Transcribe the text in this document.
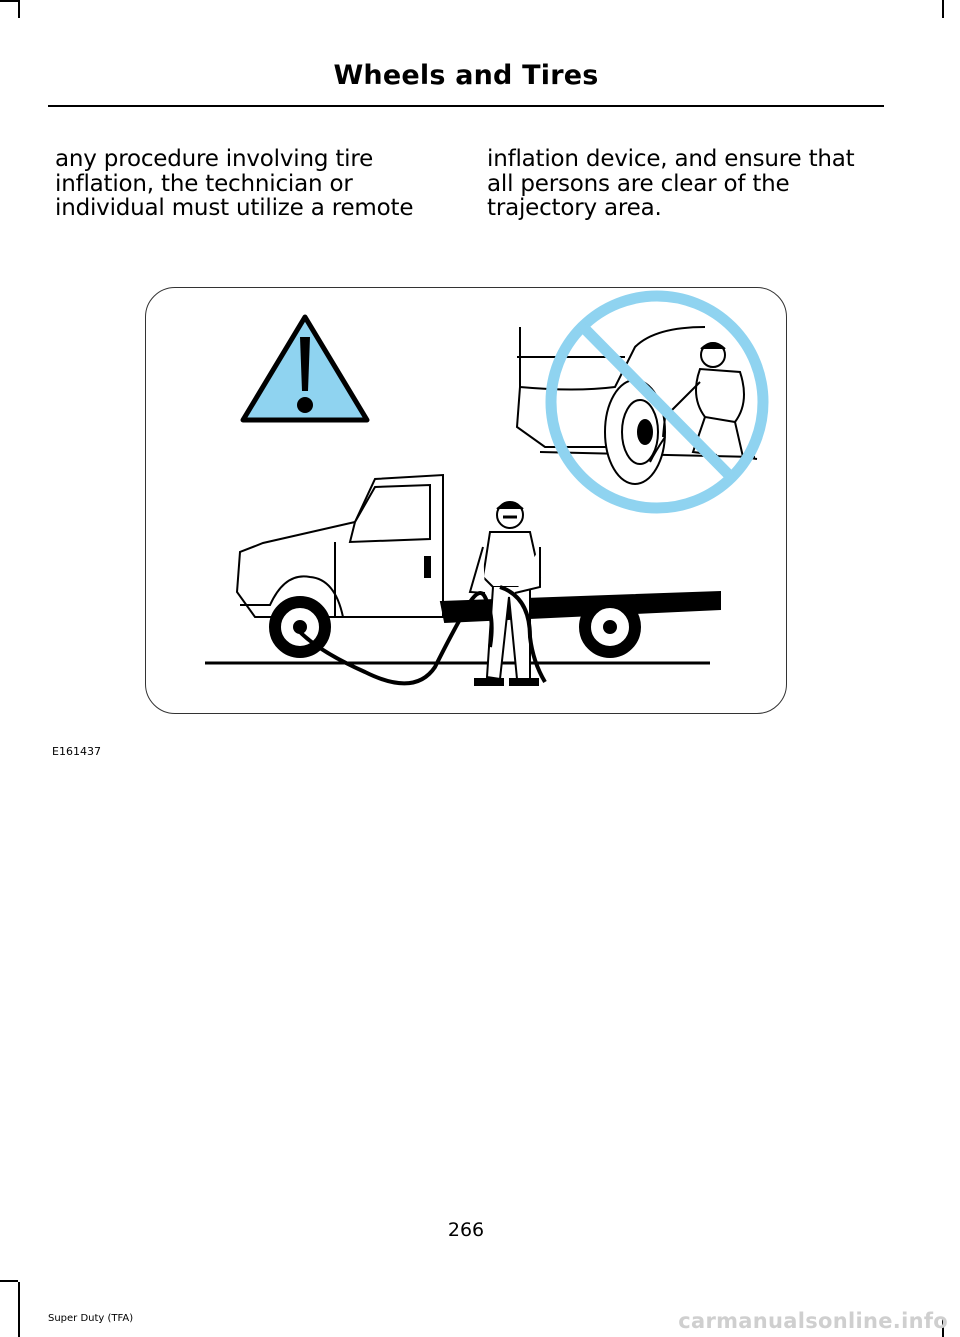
Wheels and Tires
any procedure involving tire inflation, the technician or individual must utilize a remote
inflation device, and ensure that all persons are clear of the trajectory area.
E161437
266
Super Duty (TFA)	carmanualsonline.info
